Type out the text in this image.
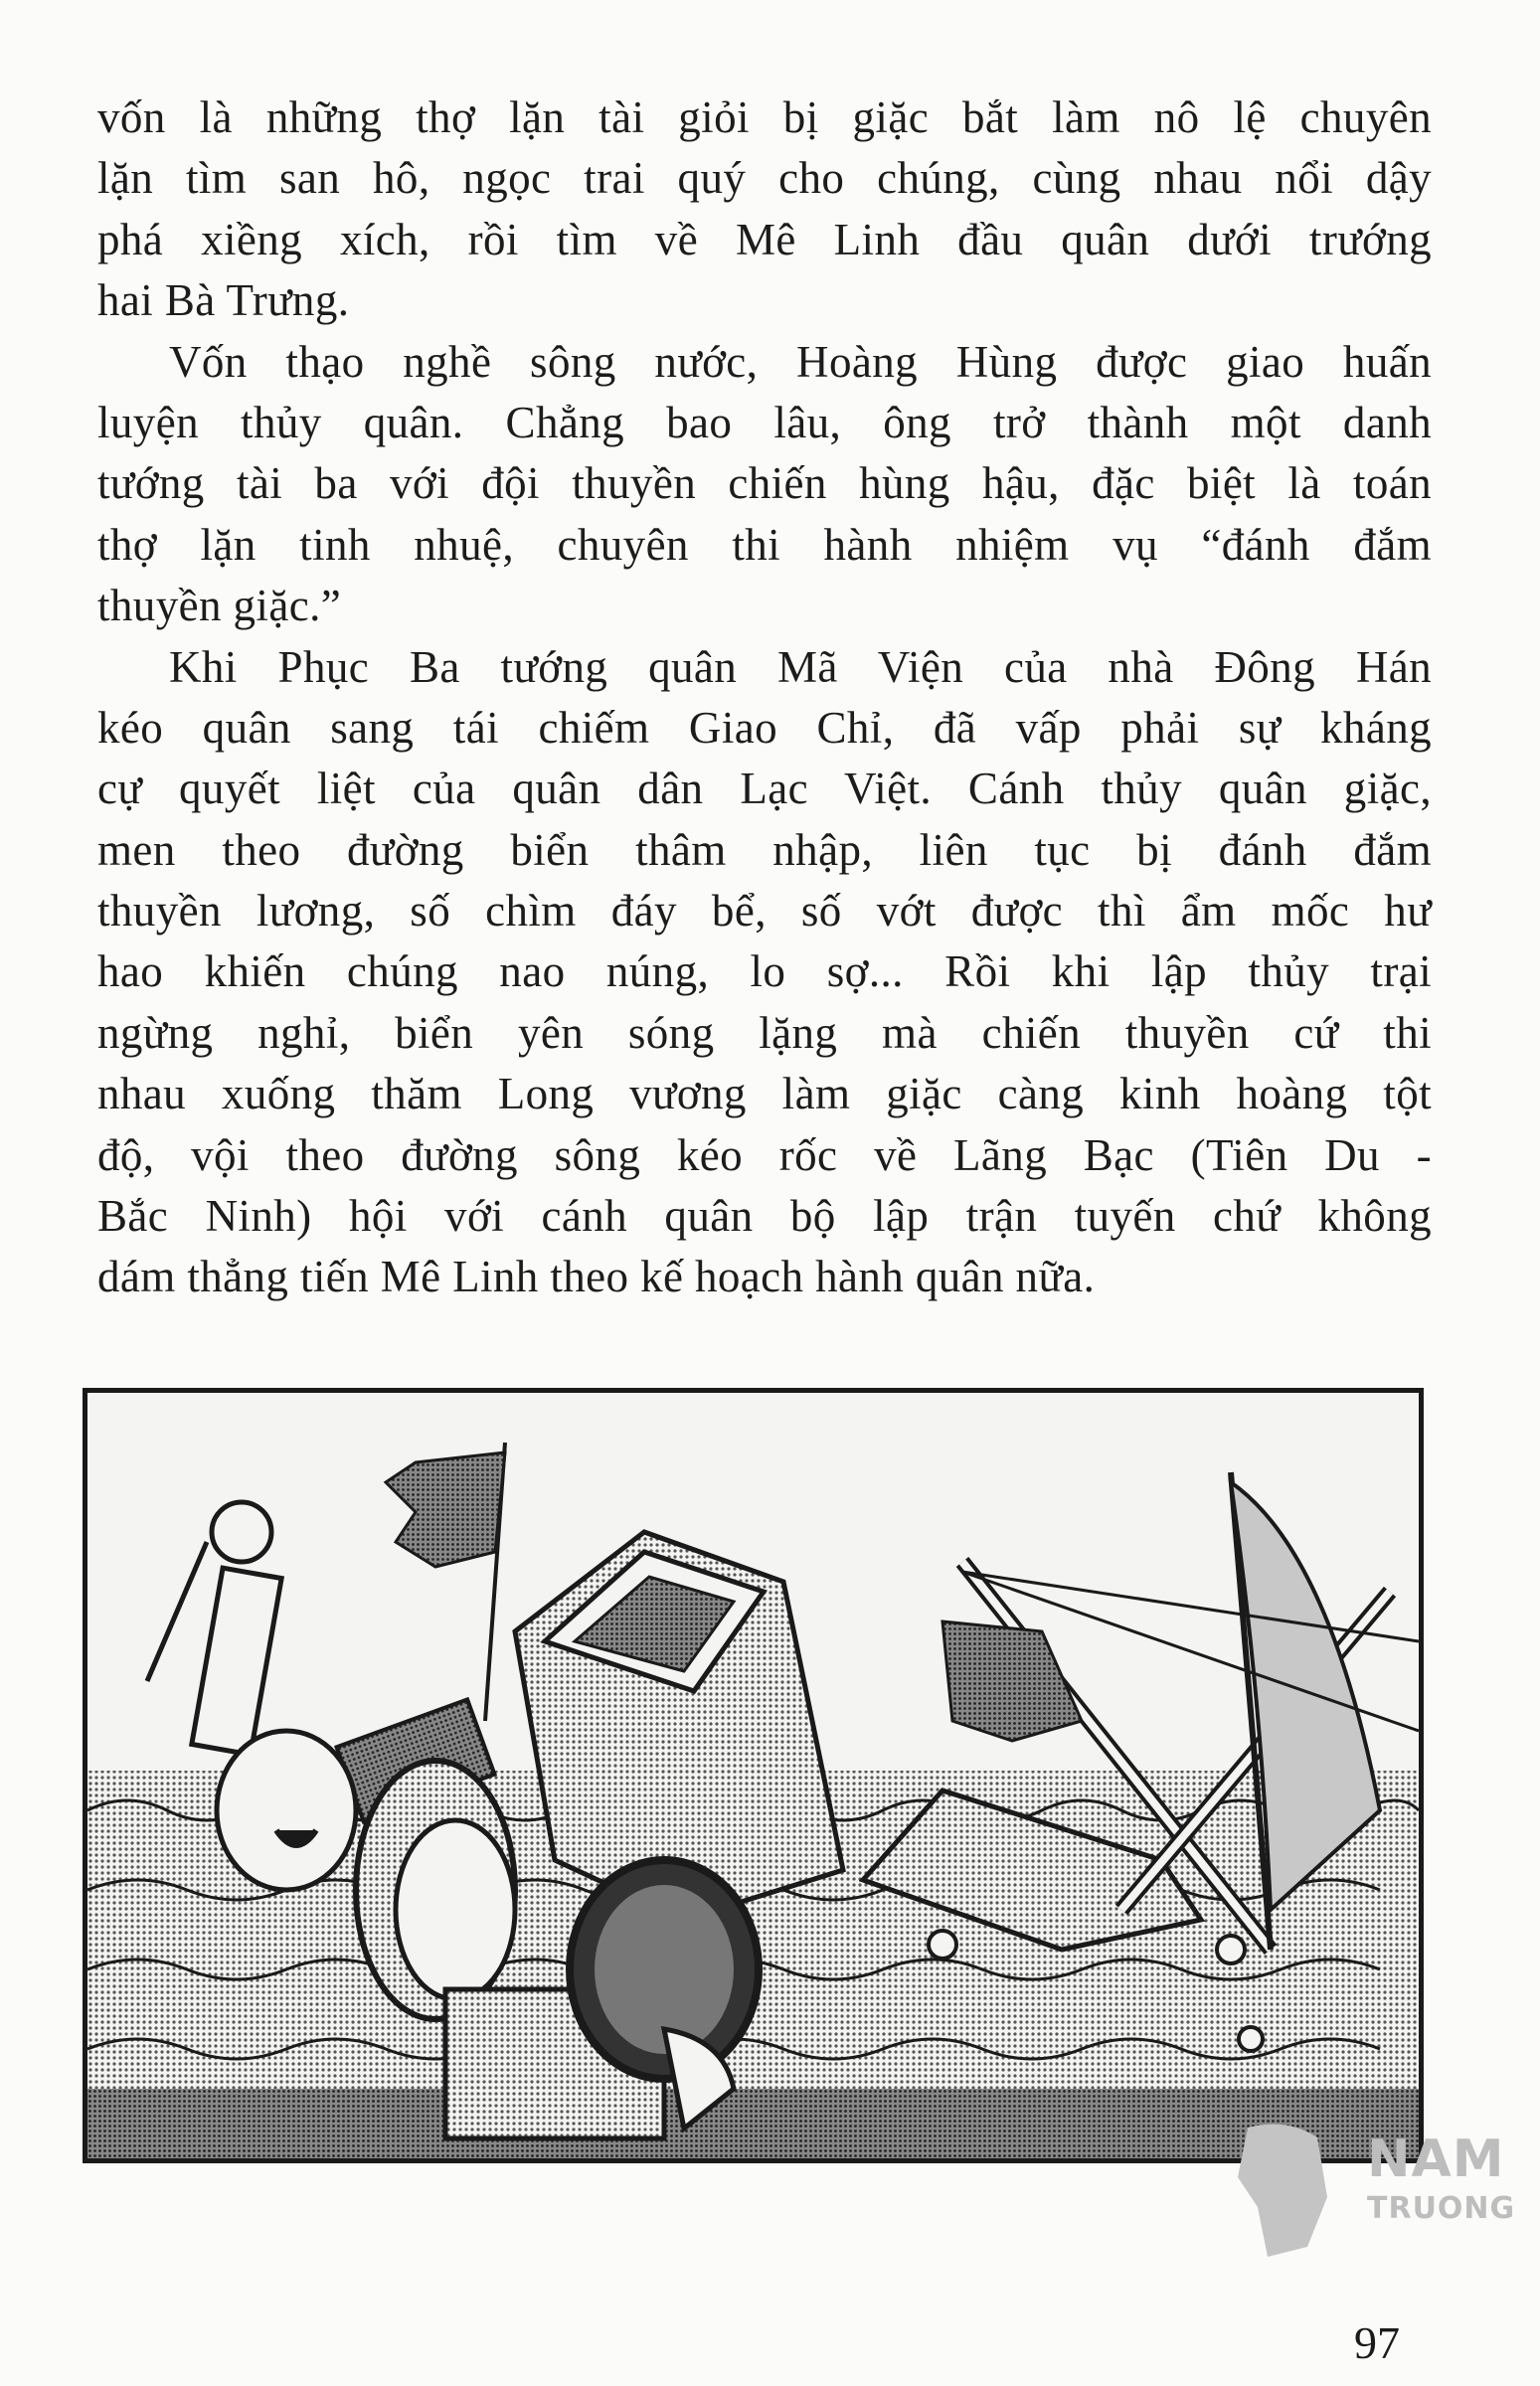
vốn là những thợ lặn tài giỏi bị giặc bắt làm nô lệ chuyên
lặn tìm san hô, ngọc trai quý cho chúng, cùng nhau nổi dậy
phá xiềng xích, rồi tìm về Mê Linh đầu quân dưới trướng
hai Bà Trưng.
Vốn thạo nghề sông nước, Hoàng Hùng được giao huấn
luyện thủy quân. Chẳng bao lâu, ông trở thành một danh
tướng tài ba với đội thuyền chiến hùng hậu, đặc biệt là toán
thợ lặn tinh nhuệ, chuyên thi hành nhiệm vụ “đánh đắm
thuyền giặc.”
Khi Phục Ba tướng quân Mã Viện của nhà Đông Hán
kéo quân sang tái chiếm Giao Chỉ, đã vấp phải sự kháng
cự quyết liệt của quân dân Lạc Việt. Cánh thủy quân giặc,
men theo đường biển thâm nhập, liên tục bị đánh đắm
thuyền lương, số chìm đáy bể, số vớt được thì ẩm mốc hư
hao khiến chúng nao núng, lo sợ... Rồi khi lập thủy trại
ngừng nghỉ, biển yên sóng lặng mà chiến thuyền cứ thi
nhau xuống thăm Long vương làm giặc càng kinh hoàng tột
độ, vội theo đường sông kéo rốc về Lãng Bạc (Tiên Du -
Bắc Ninh) hội với cánh quân bộ lập trận tuyến chứ không
dám thẳng tiến Mê Linh theo kế hoạch hành quân nữa.
NAM
TRUONG
97
